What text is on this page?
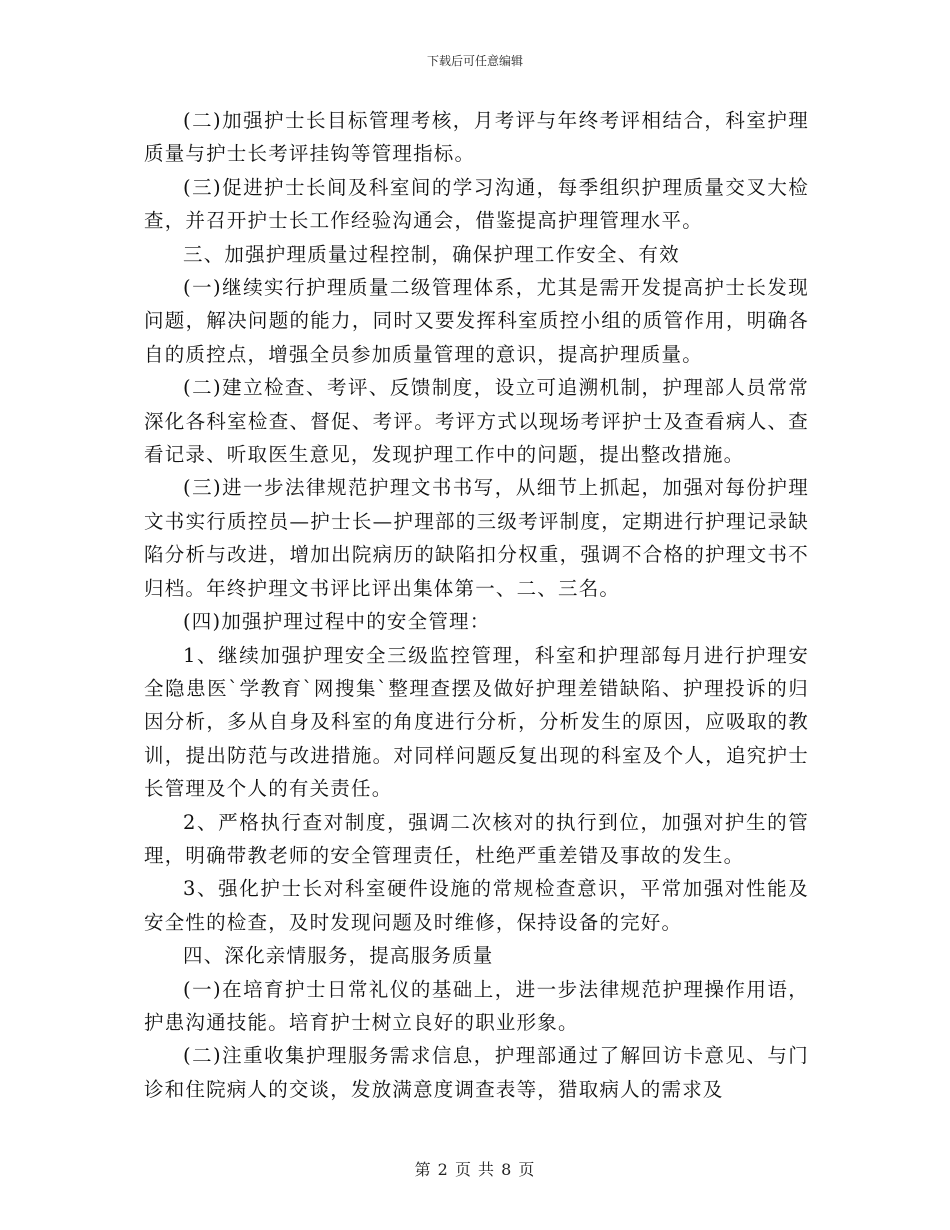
下载后可任意编辑

(二)加强护士长目标管理考核，月考评与年终考评相结合，科室护理质量与护士长考评挂钩等管理指标。

(三)促进护士长间及科室间的学习沟通，每季组织护理质量交叉大检查，并召开护士长工作经验沟通会，借鉴提高护理管理水平。

三、加强护理质量过程控制，确保护理工作安全、有效

(一)继续实行护理质量二级管理体系，尤其是需开发提高护士长发现问题，解决问题的能力，同时又要发挥科室质控小组的质管作用，明确各自的质控点，增强全员参加质量管理的意识，提高护理质量。

(二)建立检查、考评、反馈制度，设立可追溯机制，护理部人员常常深化各科室检查、督促、考评。考评方式以现场考评护士及查看病人、查看记录、听取医生意见，发现护理工作中的问题，提出整改措施。

(三)进一步法律规范护理文书书写，从细节上抓起，加强对每份护理文书实行质控员—护士长—护理部的三级考评制度，定期进行护理记录缺陷分析与改进，增加出院病历的缺陷扣分权重，强调不合格的护理文书不归档。年终护理文书评比评出集体第一、二、三名。

(四)加强护理过程中的安全管理：

1、继续加强护理安全三级监控管理，科室和护理部每月进行护理安全隐患医`学教育`网搜集`整理查摆及做好护理差错缺陷、护理投诉的归因分析，多从自身及科室的角度进行分析，分析发生的原因，应吸取的教训，提出防范与改进措施。对同样问题反复出现的科室及个人，追究护士长管理及个人的有关责任。

2、严格执行查对制度，强调二次核对的执行到位，加强对护生的管理，明确带教老师的安全管理责任，杜绝严重差错及事故的发生。

3、强化护士长对科室硬件设施的常规检查意识，平常加强对性能及安全性的检查，及时发现问题及时维修，保持设备的完好。

四、深化亲情服务，提高服务质量

(一)在培育护士日常礼仪的基础上，进一步法律规范护理操作用语，护患沟通技能。培育护士树立良好的职业形象。

(二)注重收集护理服务需求信息，护理部通过了解回访卡意见、与门诊和住院病人的交谈，发放满意度调查表等，猎取病人的需求及

第 2 页 共 8 页
